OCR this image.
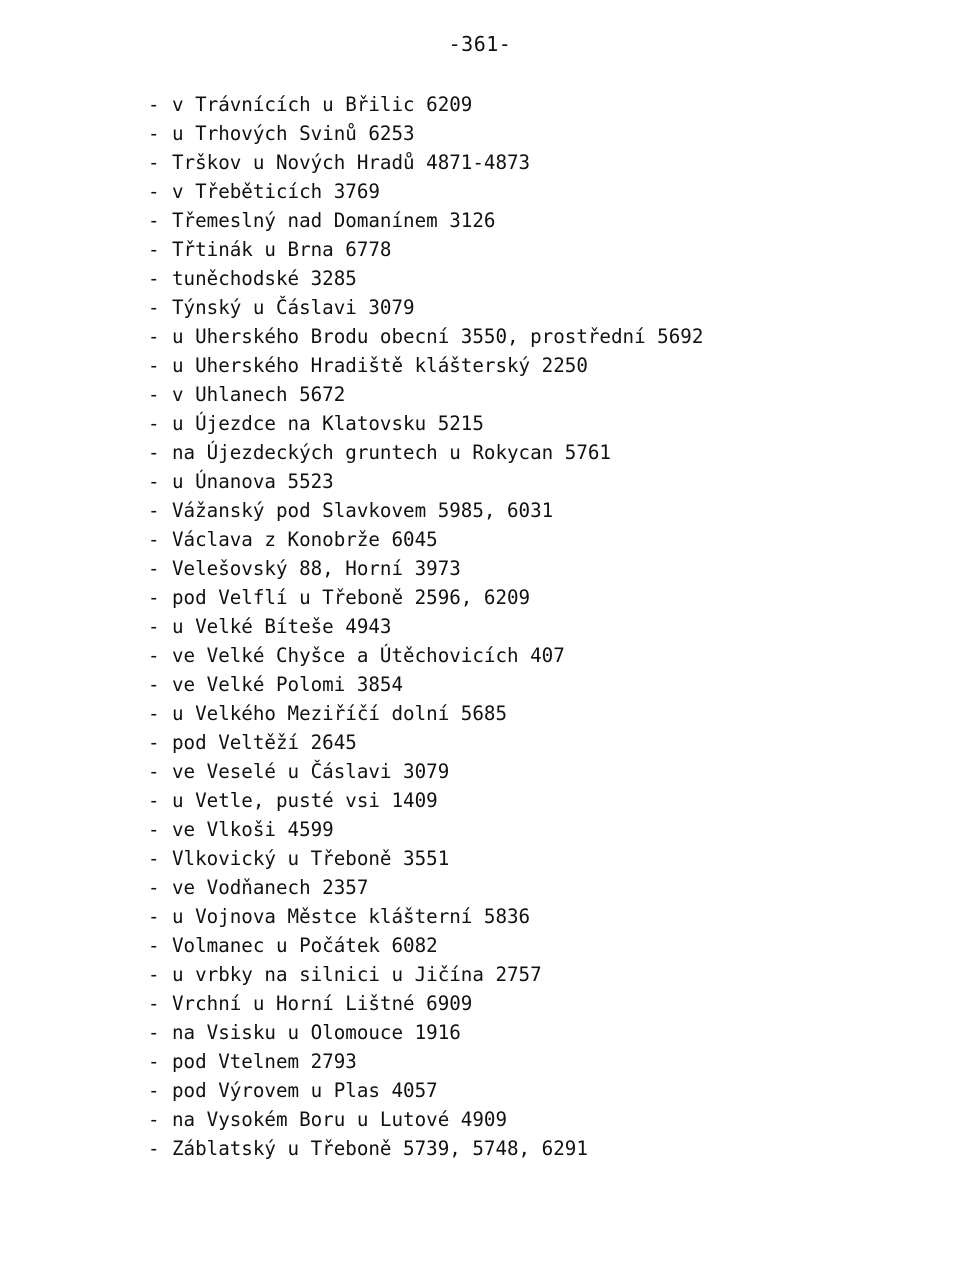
-361-
- v Trávnících u Břilic 6209
- u Trhových Svinů 6253
- Trškov u Nových Hradů 4871-4873
- v Třeběticích 3769
- Třemeslný nad Domanínem 3126
- Třtinák u Brna 6778
- tuněchodské 3285
- Týnský u Čáslavi 3079
- u Uherského Brodu obecní 3550, prostřední 5692
- u Uherského Hradiště klášterský 2250
- v Uhlanech 5672
- u Újezdce na Klatovsku 5215
- na Újezdeckých gruntech u Rokycan 5761
- u Únanova 5523
- Vážanský pod Slavkovem 5985, 6031
- Václava z Konobrže 6045
- Velešovský 88, Horní 3973
- pod Velflí u Třeboně 2596, 6209
- u Velké Bíteše 4943
- ve Velké Chyšce a Útěchovicích 407
- ve Velké Polomi 3854
- u Velkého Meziříčí dolní 5685
- pod Veltěží 2645
- ve Veselé u Čáslavi 3079
- u Vetle, pusté vsi 1409
- ve Vlkoši 4599
- Vlkovický u Třeboně 3551
- ve Vodňanech 2357
- u Vojnova Městce klášterní 5836
- Volmanec u Počátek 6082
- u vrbky na silnici u Jičína 2757
- Vrchní u Horní Lištné 6909
- na Vsisku u Olomouce 1916
- pod Vtelnem 2793
- pod Výrovem u Plas 4057
- na Vysokém Boru u Lutové 4909
- Záblatský u Třeboně 5739, 5748, 6291
